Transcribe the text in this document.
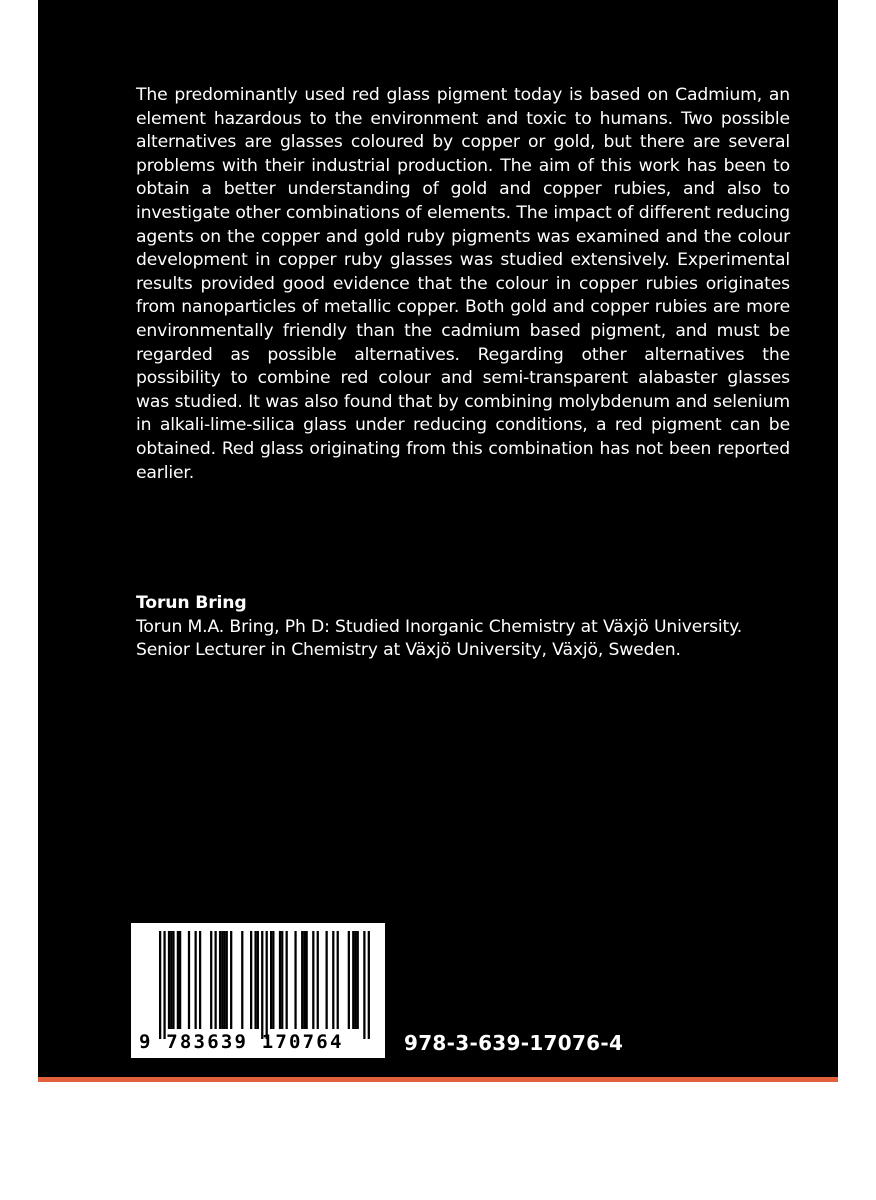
The predominantly used red glass pigment today is based on Cadmium, an element hazardous to the environment and toxic to humans. Two possible alternatives are glasses coloured by copper or gold, but there are several problems with their industrial production. The aim of this work has been to obtain a better understanding of gold and copper rubies, and also to investigate other combinations of elements. The impact of different reducing agents on the copper and gold ruby pigments was examined and the colour development in copper ruby glasses was studied extensively. Experimental results provided good evidence that the colour in copper rubies originates from nanoparticles of metallic copper. Both gold and copper rubies are more environmentally friendly than the cadmium based pigment, and must be regarded as possible alternatives. Regarding other alternatives the possibility to combine red colour and semi-transparent alabaster glasses was studied. It was also found that by combining molybdenum and selenium in alkali-lime-silica glass under reducing conditions, a red pigment can be obtained. Red glass originating from this combination has not been reported earlier.

Torun Bring
Torun M.A. Bring, Ph D: Studied Inorganic Chemistry at Växjö University.
Senior Lecturer in Chemistry at Växjö University, Växjö, Sweden.
9 783639 170764	978-3-639-17076-4
